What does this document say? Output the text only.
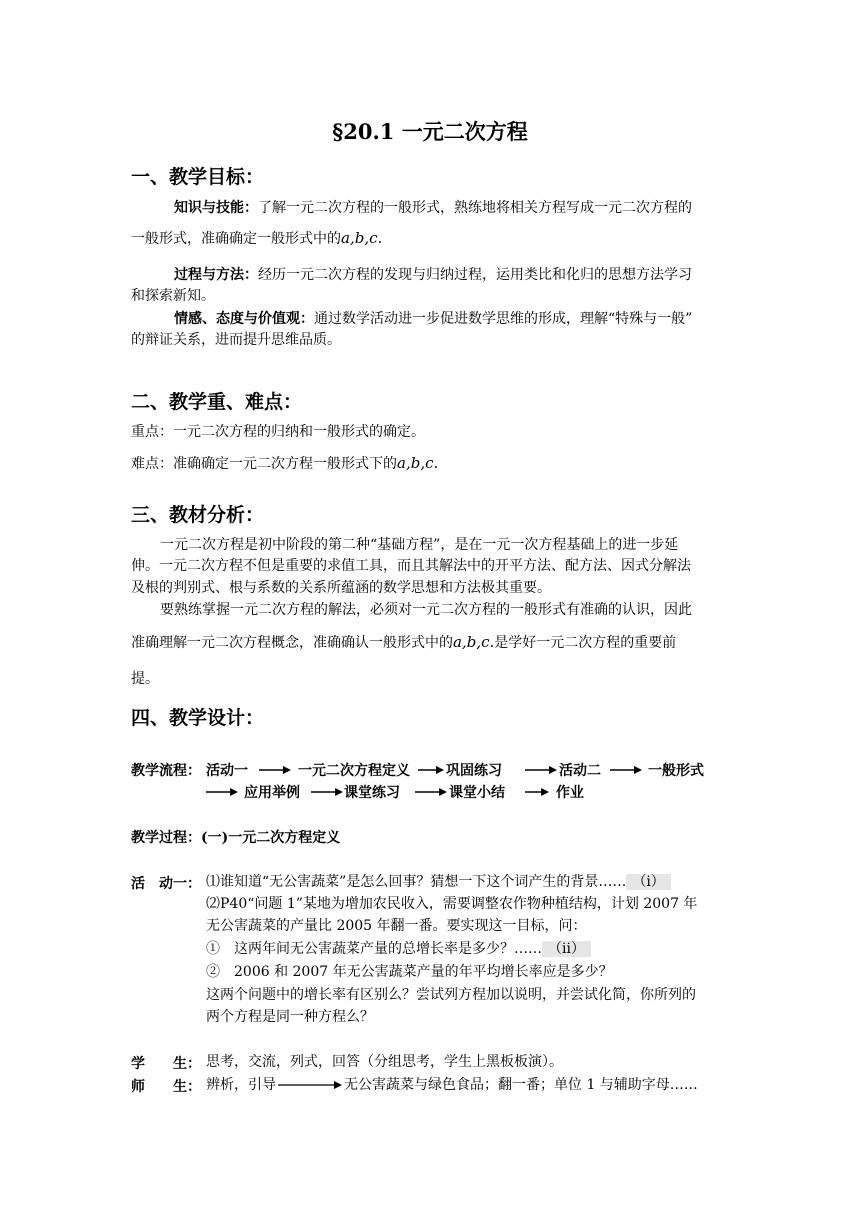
§20.1 一元二次方程
一、教学目标：
知识与技能：了解一元二次方程的一般形式，熟练地将相关方程写成一元二次方程的
一般形式，准确确定一般形式中的a,b,c.
过程与方法：经历一元二次方程的发现与归纳过程，运用类比和化归的思想方法学习
和探索新知。
情感、态度与价值观：通过数学活动进一步促进数学思维的形成，理解“特殊与一般”
的辩证关系，进而提升思维品质。
二、教学重、难点：
重点：一元二次方程的归纳和一般形式的确定。
难点：准确确定一元二次方程一般形式下的a,b,c.
三、教材分析：
一元二次方程是初中阶段的第二种“基础方程”，是在一元一次方程基础上的进一步延
伸。一元二次方程不但是重要的求值工具，而且其解法中的开平方法、配方法、因式分解法
及根的判别式、根与系数的关系所蕴涵的数学思想和方法极其重要。
要熟练掌握一元二次方程的解法，必须对一元二次方程的一般形式有准确的认识，因此
准确理解一元二次方程概念，准确确认一般形式中的a,b,c.是学好一元二次方程的重要前
提。
四、教学设计：
教学流程： 活动一	一元二次方程定义	巩固练习	活动二	一般形式
应用举例	课堂练习	课堂小结	作业
教学过程：(一)一元二次方程定义
活　动一： ⑴谁知道“无公害蔬菜”是怎么回事？猜想一下这个词产生的背景…… （ⅰ）
⑵P40“问题 1”某地为增加农民收入，需要调整农作物种植结构，计划 2007 年
无公害蔬菜的产量比 2005 年翻一番。要实现这一目标，问：
①　这两年间无公害蔬菜产量的总增长率是多少？…… （ⅱ）
②　2006 和 2007 年无公害蔬菜产量的年平均增长率应是多少？
这两个问题中的增长率有区别么？尝试列方程加以说明，并尝试化简，你所列的
两个方程是同一种方程么？
学　　生： 思考，交流，列式，回答（分组思考，学生上黑板板演）。
师　　生： 辨析，引导	无公害蔬菜与绿色食品；翻一番；单位 1 与辅助字母……
